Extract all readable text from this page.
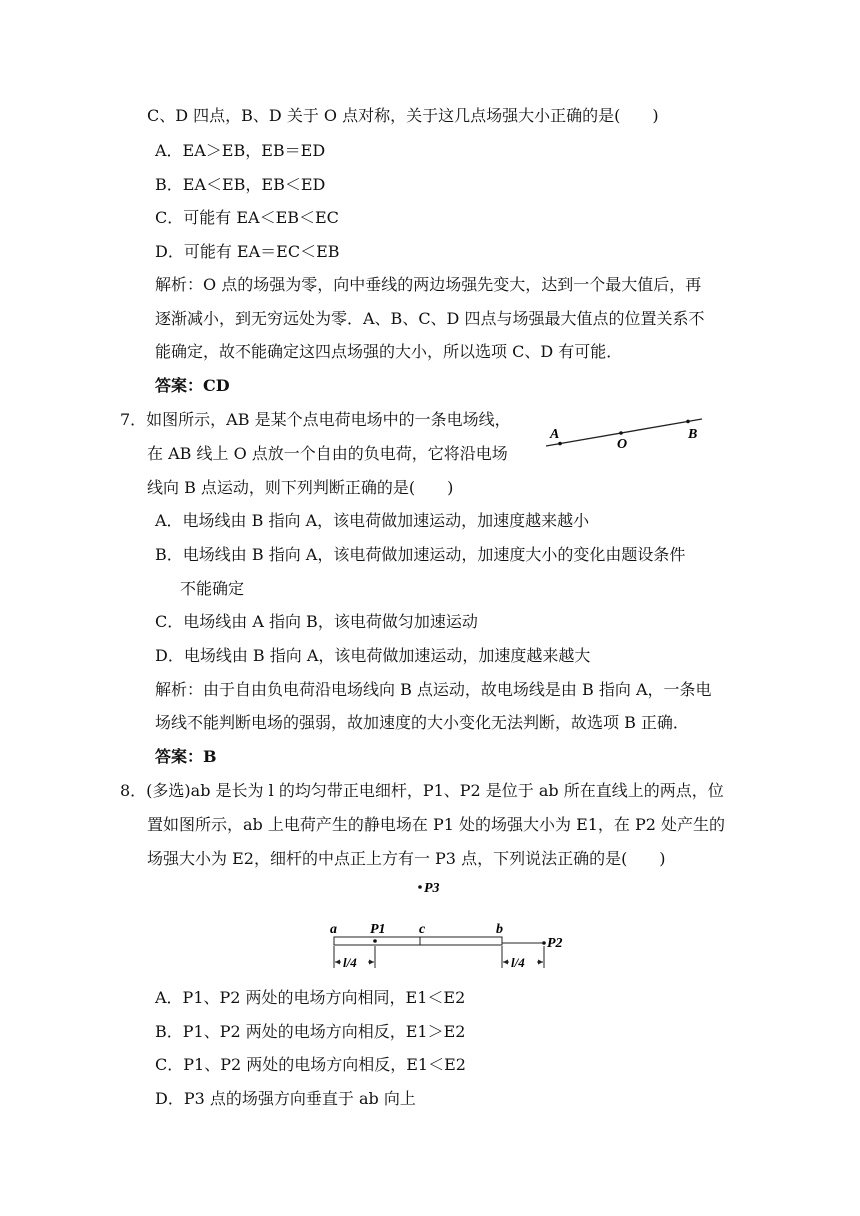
C、D 四点，B、D 关于 O 点对称，关于这几点场强大小正确的是(　　)
A．EA＞EB，EB＝ED
B．EA＜EB，EB＜ED
C．可能有 EA＜EB＜EC
D．可能有 EA＝EC＜EB
解析：O 点的场强为零，向中垂线的两边场强先变大，达到一个最大值后，再
逐渐减小，到无穷远处为零．A、B、C、D 四点与场强最大值点的位置关系不
能确定，故不能确定这四点场强的大小，所以选项 C、D 有可能．
答案：CD
7．如图所示，AB 是某个点电荷电场中的一条电场线，
在 AB 线上 O 点放一个自由的负电荷，它将沿电场
线向 B 点运动，则下列判断正确的是(　　)
A
O
B
A．电场线由 B 指向 A，该电荷做加速运动，加速度越来越小
B．电场线由 B 指向 A，该电荷做加速运动，加速度大小的变化由题设条件
不能确定
C．电场线由 A 指向 B，该电荷做匀加速运动
D．电场线由 B 指向 A，该电荷做加速运动，加速度越来越大
解析：由于自由负电荷沿电场线向 B 点运动，故电场线是由 B 指向 A，一条电
场线不能判断电场的强弱，故加速度的大小变化无法判断，故选项 B 正确．
答案：B
8．(多选)ab 是长为 l 的均匀带正电细杆，P1、P2 是位于 ab 所在直线上的两点，位
置如图所示，ab 上电荷产生的静电场在 P1 处的场强大小为 E1，在 P2 处产生的
场强大小为 E2，细杆的中点正上方有一 P3 点，下列说法正确的是(　　)
P3
a P1 c	b
P2
l/4	l/4
A．P1、P2 两处的电场方向相同，E1＜E2
B．P1、P2 两处的电场方向相反，E1＞E2
C．P1、P2 两处的电场方向相反，E1＜E2
D．P3 点的场强方向垂直于 ab 向上
